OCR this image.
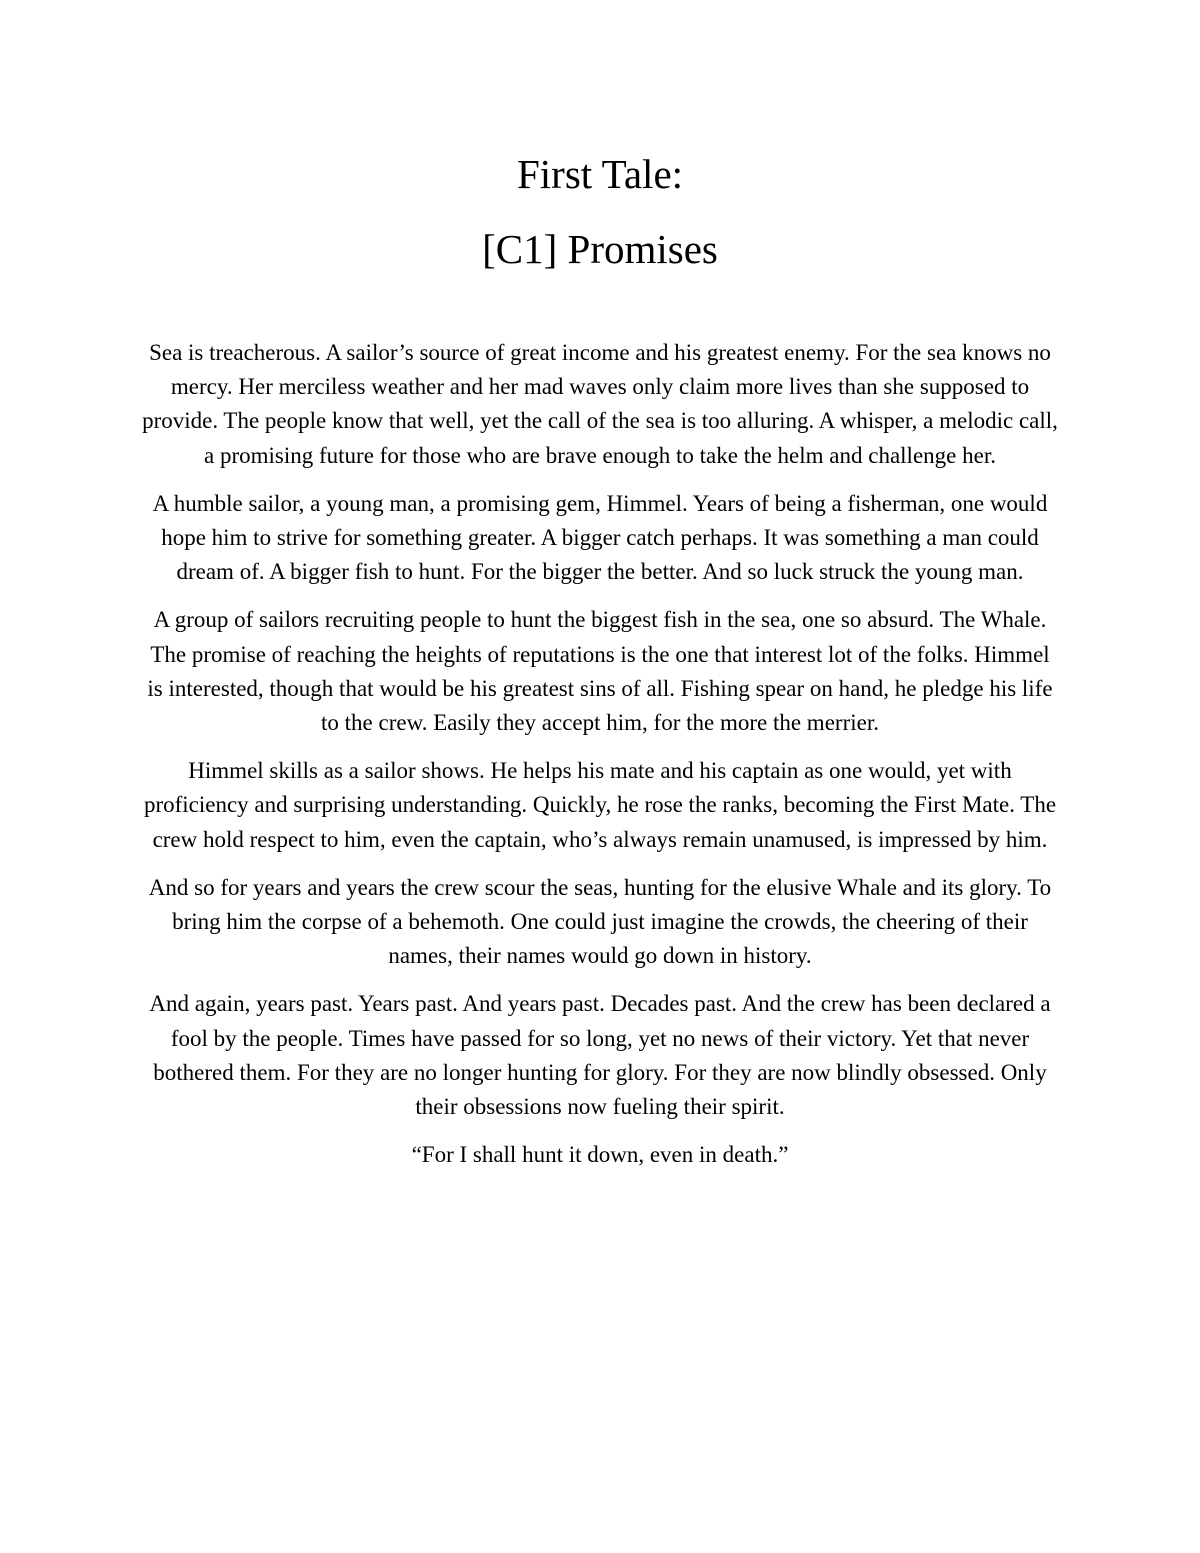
First Tale:
[C1] Promises

Sea is treacherous. A sailor’s source of great income and his greatest enemy. For the sea knows no mercy. Her merciless weather and her mad waves only claim more lives than she supposed to provide. The people know that well, yet the call of the sea is too alluring. A whisper, a melodic call, a promising future for those who are brave enough to take the helm and challenge her.

A humble sailor, a young man, a promising gem, Himmel. Years of being a fisherman, one would hope him to strive for something greater. A bigger catch perhaps. It was something a man could dream of. A bigger fish to hunt. For the bigger the better. And so luck struck the young man.

A group of sailors recruiting people to hunt the biggest fish in the sea, one so absurd. The Whale. The promise of reaching the heights of reputations is the one that interest lot of the folks. Himmel is interested, though that would be his greatest sins of all. Fishing spear on hand, he pledge his life to the crew. Easily they accept him, for the more the merrier.

Himmel skills as a sailor shows. He helps his mate and his captain as one would, yet with proficiency and surprising understanding. Quickly, he rose the ranks, becoming the First Mate. The crew hold respect to him, even the captain, who’s always remain unamused, is impressed by him.

And so for years and years the crew scour the seas, hunting for the elusive Whale and its glory. To bring him the corpse of a behemoth. One could just imagine the crowds, the cheering of their names, their names would go down in history.

And again, years past. Years past. And years past. Decades past. And the crew has been declared a fool by the people. Times have passed for so long, yet no news of their victory. Yet that never bothered them. For they are no longer hunting for glory. For they are now blindly obsessed. Only their obsessions now fueling their spirit.

“For I shall hunt it down, even in death.”
